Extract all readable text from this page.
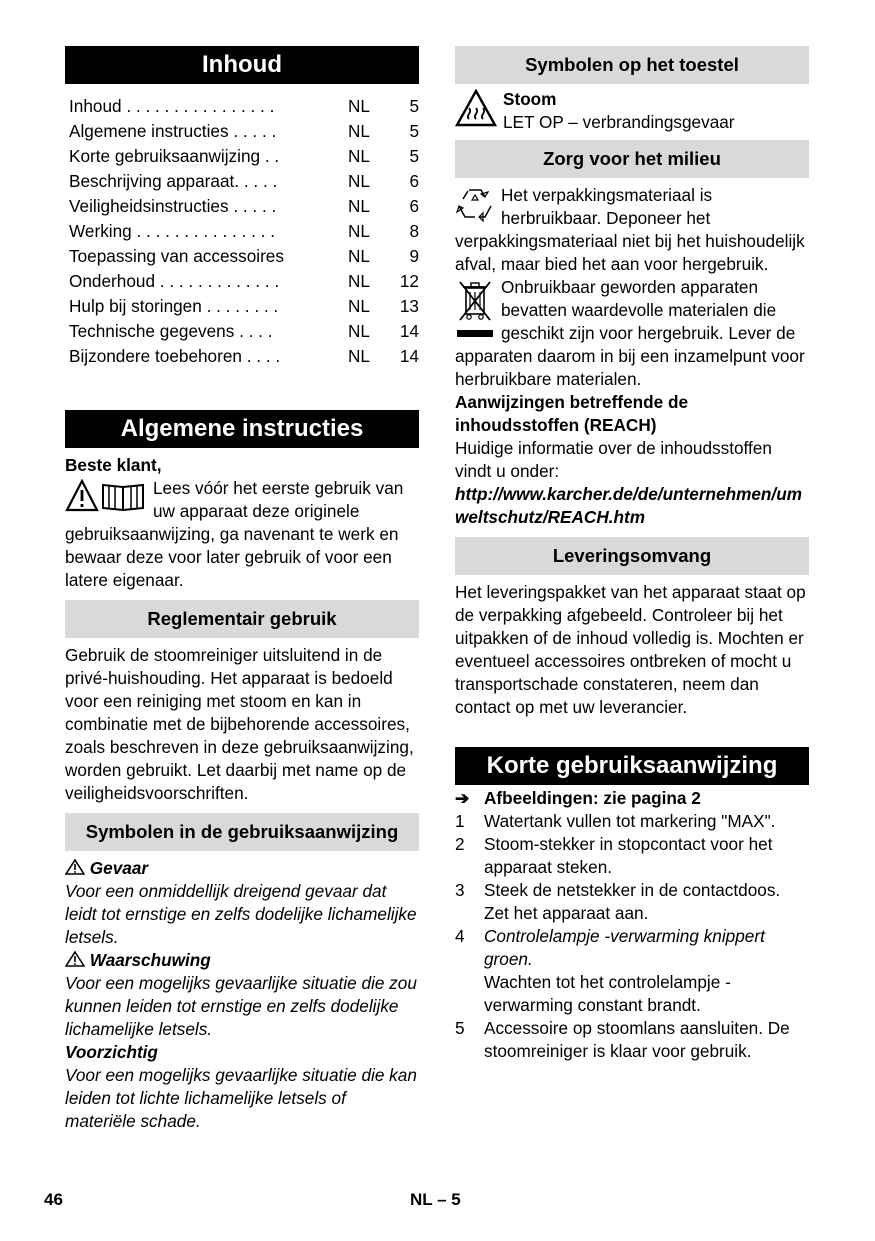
Inhoud
Inhoud . . . . . . . . . . . . . . . .	NL 5
Algemene instructies . . . . .	NL 5
Korte gebruiksaanwijzing . .	NL 5
Beschrijving apparaat. . . . .	NL 6
Veiligheidsinstructies . . . . .	NL 6
Werking . . . . . . . . . . . . . . .	NL 8
Toepassing van accessoires	NL 9
Onderhoud . . . . . . . . . . . . .	NL 12
Hulp bij storingen . . . . . . . .	NL 13
Technische gegevens . . . .	NL 14
Bijzondere toebehoren . . . .	NL 14
Algemene instructies

Beste klant,

Lees vóór het eerste gebruik van uw apparaat deze originele gebruiksaanwijzing, ga navenant te werk en bewaar deze voor later gebruik of voor een latere eigenaar.

Reglementair gebruik

Gebruik de stoomreiniger uitsluitend in de privé-huishouding. Het apparaat is bedoeld voor een reiniging met stoom en kan in combinatie met de bijbehorende accessoires, zoals beschreven in deze gebruiksaanwijzing, worden gebruikt. Let daarbij met name op de veiligheidsvoorschriften.

Symbolen in de gebruiksaanwijzing

Gevaar

Voor een onmiddellijk dreigend gevaar dat leidt tot ernstige en zelfs dodelijke lichamelijke letsels.

Waarschuwing

Voor een mogelijks gevaarlijke situatie die zou kunnen leiden tot ernstige en zelfs dodelijke lichamelijke letsels.

Voorzichtig

Voor een mogelijks gevaarlijke situatie die kan leiden tot lichte lichamelijke letsels of materiële schade.

Symbolen op het toestel

Stoom

LET OP – verbrandingsgevaar

Zorg voor het milieu

Het verpakkingsmateriaal is herbruikbaar. Deponeer het verpakkingsmateriaal niet bij het huishoudelijk afval, maar bied het aan voor hergebruik.

Onbruikbaar geworden apparaten bevatten waardevolle materialen die geschikt zijn voor hergebruik. Lever de apparaten daarom in bij een inzamelpunt voor herbruikbare materialen.

Aanwijzingen betreffende de inhoudsstoffen (REACH)

Huidige informatie over de inhoudsstoffen vindt u onder:

http://www.karcher.de/de/unternehmen/umweltschutz/REACH.htm

Leveringsomvang

Het leveringspakket van het apparaat staat op de verpakking afgebeeld. Controleer bij het uitpakken of de inhoud volledig is. Mochten er eventueel accessoires ontbreken of mocht u transportschade constateren, neem dan contact op met uw leverancier.

Korte gebruiksaanwijzing

➔ Afbeeldingen: zie pagina 2

1 Watertank vullen tot markering "MAX".
2 Stoom-stekker in stopcontact voor het apparaat steken.
3 Steek de netstekker in de contactdoos. Zet het apparaat aan.
4 Controlelampje -verwarming knippert groen.
Wachten tot het controlelampje - verwarming constant brandt.
5 Accessoire op stoomlans aansluiten. De stoomreiniger is klaar voor gebruik.
46	NL – 5
